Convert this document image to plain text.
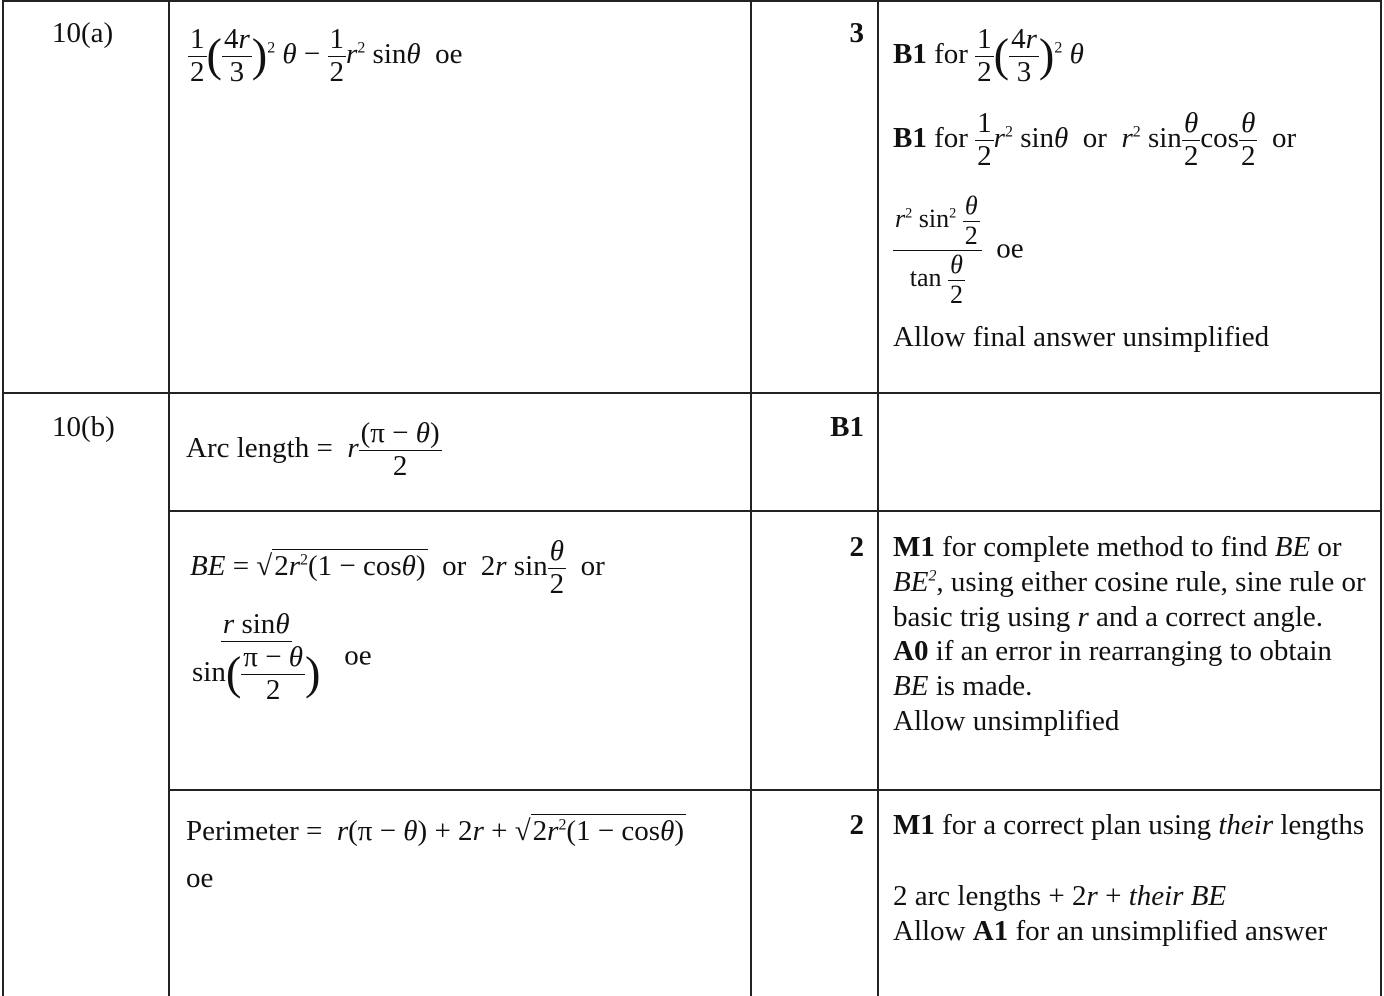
10(a)	$\frac{1}{2}$ ( $\frac{4r}{3} )^2$ $\theta - \frac{1}{2} r^2$ sinθ oe
3
B1 for $\frac{1}{2}$ ( $\frac{4r}{3} )^2$ θ
B1 for $\frac{1}{2} r^2$ sinθ or $r^2$ $\sin \frac{\theta}{2}$ $\cos \frac{\theta}{2}$ or
$\frac{r^2 \sin^2 \frac{\theta}{2}}{\tan \frac{\theta}{2}}$ oe

Allow final answer unsimplified

10(b)
Arc length = r $\frac{(\pi - \theta)}{2}$	B1
BE = $√2r^2(1 - \cos\theta)$ or  2r $\sin \frac{\theta}{2}$ or
$\frac{\text{r sinθ}}{\sin( \frac{\pi - \theta}{2} )}$ oe
2 M1 for complete method to find BE or $BE^2$, using either cosine rule, sine rule or basic trig using r and a correct angle.

A0 if an error in rearranging to obtain BE is made.

Allow unsimplified

Perimeter = $r(\pi - \theta) + 2r + √2r^2(1 - \cos\theta)$
oe
2 M1 for a correct plan using their lengths

2 arc lengths + 2r + their BE

Allow A1 for an unsimplified answer
